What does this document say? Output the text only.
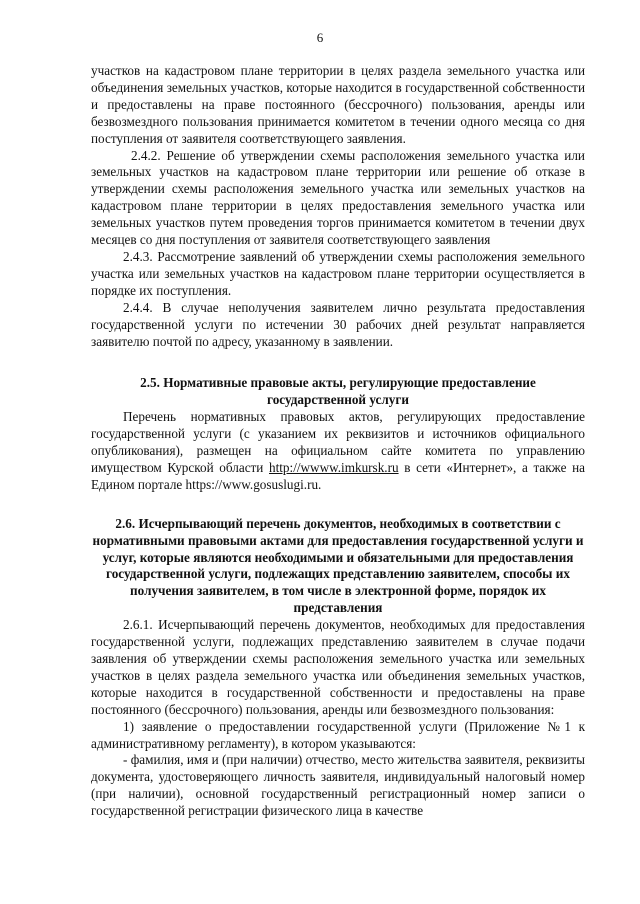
6

участков на кадастровом плане территории в целях раздела земельного участка или объединения земельных участков, которые находится в государственной собственности и предоставлены на праве постоянного (бессрочного) пользования, аренды или безвозмездного пользования принимается комитетом в течении одного месяца со дня поступления от заявителя соответствующего заявления.

2.4.2. Решение об утверждении схемы расположения земельного участка или земельных участков на кадастровом плане территории или решение об отказе в утверждении схемы расположения земельного участка или земельных участков на кадастровом плане территории в целях предоставления земельного участка или земельных участков путем проведения торгов принимается комитетом в течении двух месяцев со дня поступления от заявителя соответствующего заявления

2.4.3. Рассмотрение заявлений об утверждении схемы расположения земельного участка или земельных участков на кадастровом плане территории осуществляется в порядке их поступления.

2.4.4. В случае неполучения заявителем лично результата предоставления государственной услуги по истечении 30 рабочих дней результат направляется заявителю почтой по адресу, указанному в заявлении.

2.5. Нормативные правовые акты, регулирующие предоставление государственной услуги

Перечень нормативных правовых актов, регулирующих предоставление государственной услуги (с указанием их реквизитов и источников официального опубликования), размещен на официальном сайте комитета по управлению имуществом Курской области http://wwww.imkursk.ru в сети «Интернет», а также на Едином портале https://www.gosuslugi.ru.

2.6. Исчерпывающий перечень документов, необходимых в соответствии с нормативными правовыми актами для предоставления государственной услуги и услуг, которые являются необходимыми и обязательными для предоставления государственной услуги, подлежащих представлению заявителем, способы их получения заявителем, в том числе в электронной форме, порядок их представления

2.6.1. Исчерпывающий перечень документов, необходимых для предоставления государственной услуги, подлежащих представлению заявителем в случае подачи заявления об утверждении схемы расположения земельного участка или земельных участков в целях раздела земельного участка или объединения земельных участков, которые находится в государственной собственности и предоставлены на праве постоянного (бессрочного) пользования, аренды или безвозмездного пользования:

1) заявление о предоставлении государственной услуги (Приложение №1 к административному регламенту), в котором указываются:

- фамилия, имя и (при наличии) отчество, место жительства заявителя, реквизиты документа, удостоверяющего личность заявителя, индивидуальный налоговый номер (при наличии), основной государственный регистрационный номер записи о государственной регистрации физического лица в качестве
